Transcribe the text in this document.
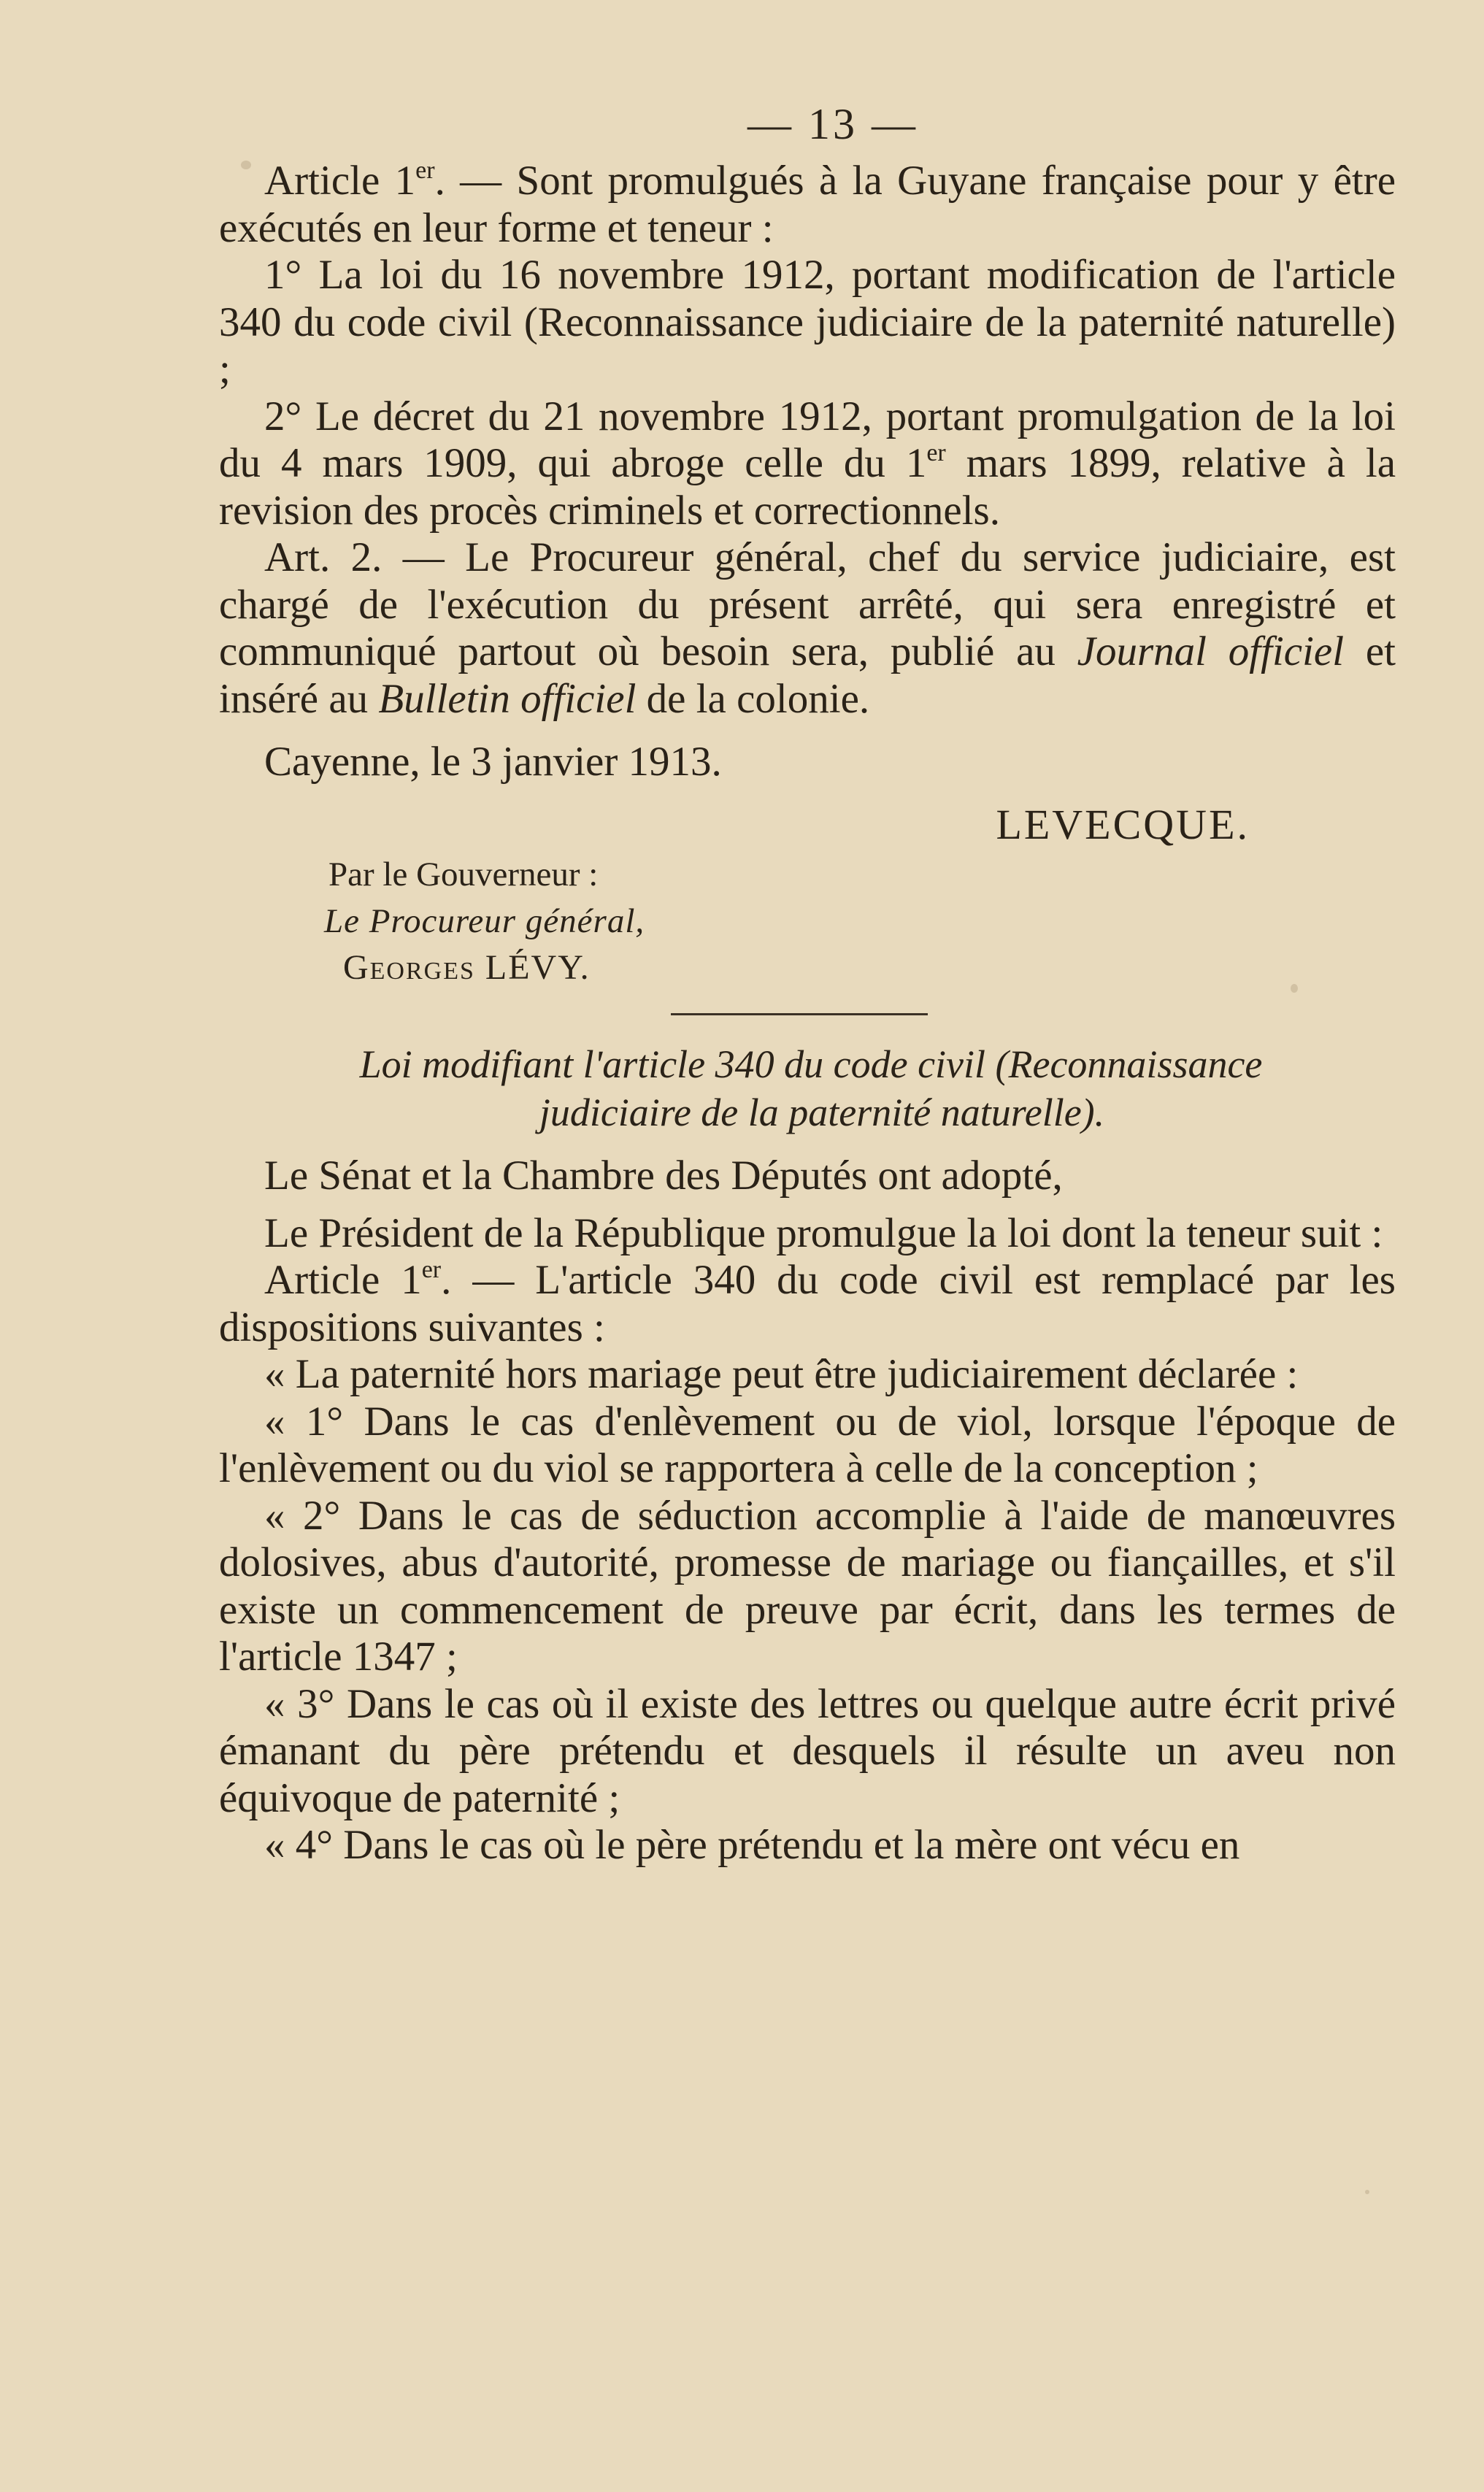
— 13 —

Article 1er. — Sont promulgués à la Guyane française pour y être exécutés en leur forme et teneur :

1° La loi du 16 novembre 1912, portant modification de l'article 340 du code civil (Reconnaissance judiciaire de la paternité naturelle) ;

2° Le décret du 21 novembre 1912, portant promulgation de la loi du 4 mars 1909, qui abroge celle du 1er mars 1899, relative à la revision des procès criminels et correctionnels.

Art. 2. — Le Procureur général, chef du service judiciaire, est chargé de l'exécution du présent arrêté, qui sera enregistré et communiqué partout où besoin sera, publié au Journal officiel et inséré au Bulletin officiel de la colonie.

Cayenne, le 3 janvier 1913.
LEVECQUE.
Par le Gouverneur :
Le Procureur général,
Georges LÉVY.
Loi modifiant l'article 340 du code civil (Reconnaissance
judiciaire de la paternité naturelle).

Le Sénat et la Chambre des Députés ont adopté,

Le Président de la République promulgue la loi dont la teneur suit :

Article 1er. — L'article 340 du code civil est remplacé par les dispositions suivantes :

« La paternité hors mariage peut être judiciairement déclarée :

« 1° Dans le cas d'enlèvement ou de viol, lorsque l'époque de l'enlèvement ou du viol se rapportera à celle de la conception ;

« 2° Dans le cas de séduction accomplie à l'aide de manœuvres dolosives, abus d'autorité, promesse de mariage ou fiançailles, et s'il existe un commencement de preuve par écrit, dans les termes de l'article 1347 ;

« 3° Dans le cas où il existe des lettres ou quelque autre écrit privé émanant du père prétendu et desquels il résulte un aveu non équivoque de paternité ;

« 4° Dans le cas où le père prétendu et la mère ont vécu en
